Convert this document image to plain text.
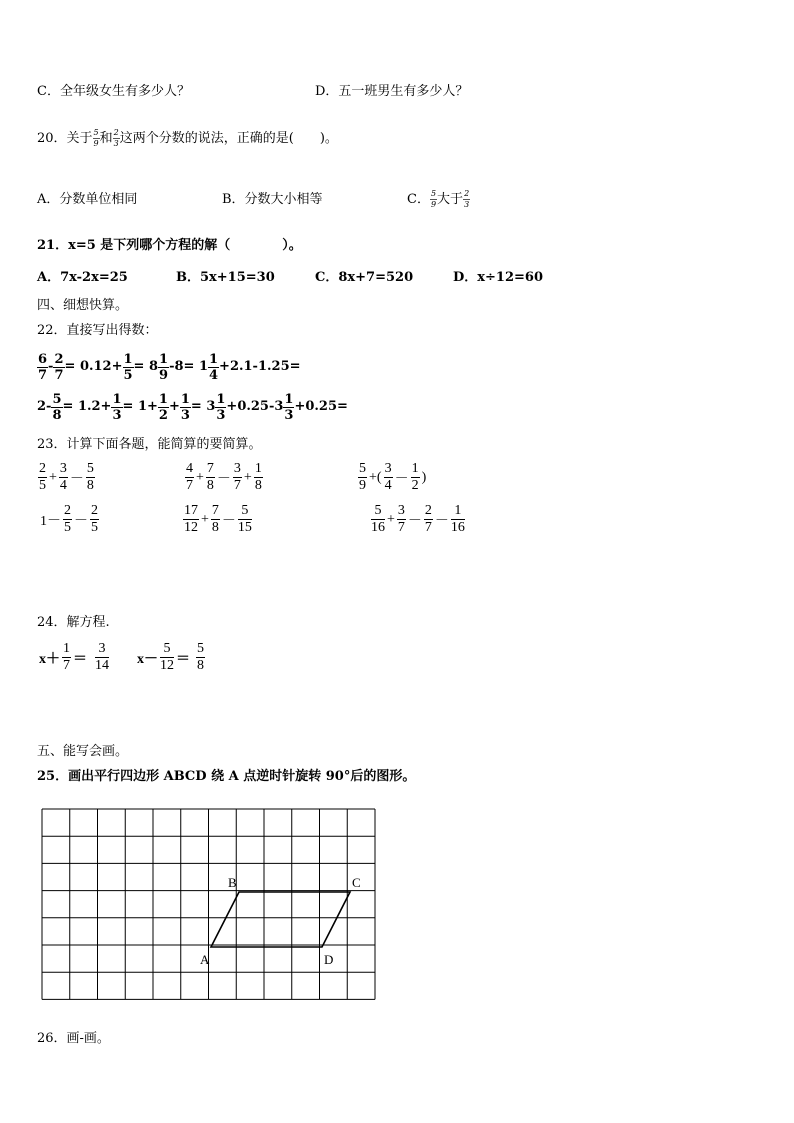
C．全年级女生有多少人？	D．五一班男生有多少人？
20．关于 $\frac{5}{9}$ 和 $\frac{2}{3}$ 这两个分数的说法，正确的是(　　)。
A．分数单位相同	B．分数大小相等	C． $\frac{5}{9}$ 大于 $\frac{2}{3}$
21．x=5 是下列哪个方程的解（　　　　）。
A．7x-2x=25	B．5x+15=30	C．8x+7=520	D．x÷12=60
四、细想快算。
22．直接写出得数：
$\frac{6}{7} - \frac{2}{7} = 0.12+ \frac{1}{5} = 8 \frac{1}{9} -8= 1 \frac{1}{4} +2.1-1.25=$
$2- \frac{5}{8} = 1.2+ \frac{1}{3} = 1+ \frac{1}{2} + \frac{1}{3} = 3 \frac{1}{3} +0.25-3 \frac{1}{3} +0.25=$
23．计算下面各题，能简算的要简算。
$\frac{2}{5} + \frac{3}{4} - \frac{5}{8}$	$\frac{4}{7} + \frac{7}{8} - \frac{3}{7} + \frac{1}{8}$	$\frac{5}{9}$ +( $\frac{3}{4} - \frac{1}{2}$ )
$1- \frac{2}{5} - \frac{2}{5}$	$\frac{17}{12} + \frac{7}{8} - \frac{5}{15}$	$\frac{5}{16} + \frac{3}{7} - \frac{2}{7} - \frac{1}{16}$
24．解方程.
$x+ \frac{1}{7} = \frac{3}{14} x- \frac{5}{12} = \frac{5}{8}$
五、能写会画。
25．画出平行四边形 ABCD 绕 A 点逆时针旋转 90°后的图形。
A
B	C
D
26．画-画。
